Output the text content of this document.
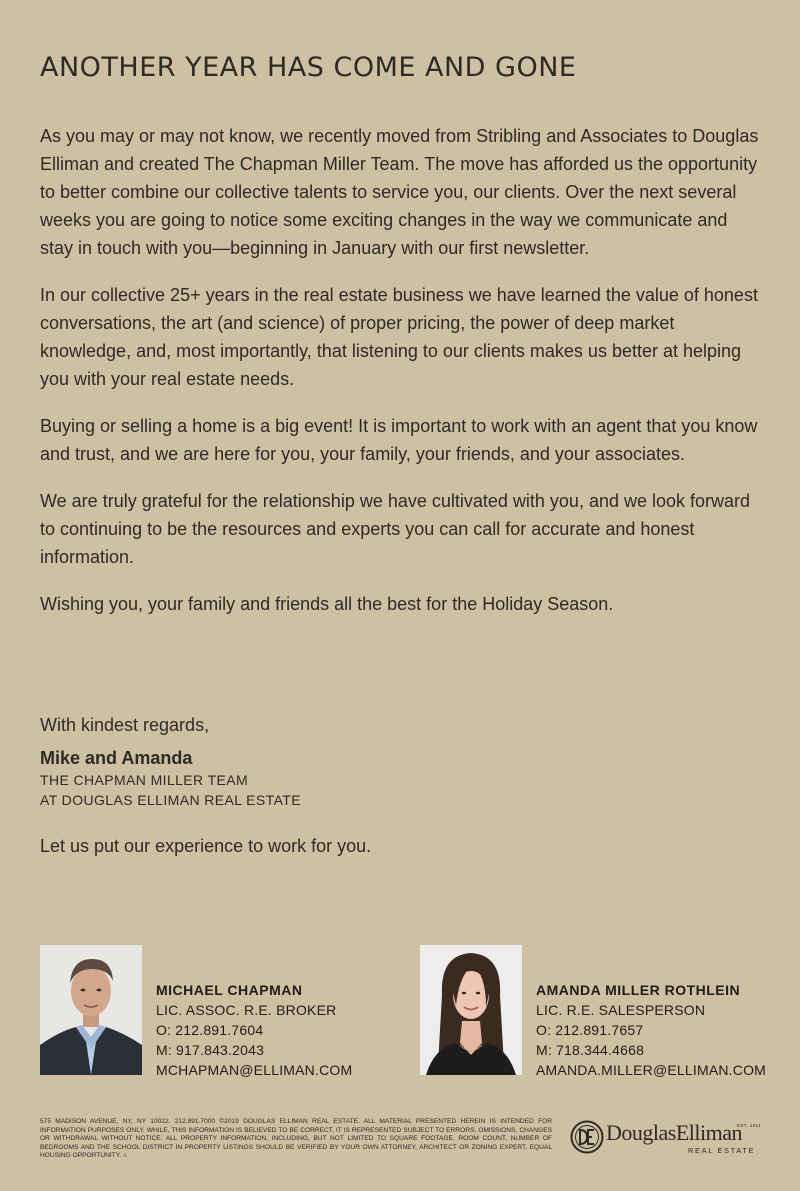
ANOTHER YEAR HAS COME AND GONE

As you may or may not know, we recently moved from Stribling and Associates to Douglas Elliman and created The Chapman Miller Team. The move has afforded us the opportunity to better combine our collective talents to service you, our clients. Over the next several weeks you are going to notice some exciting changes in the way we communicate and stay in touch with you—beginning in January with our first newsletter.

In our collective 25+ years in the real estate business we have learned the value of honest conversations, the art (and science) of proper pricing, the power of deep market knowledge, and, most importantly, that listening to our clients makes us better at helping you with your real estate needs.

Buying or selling a home is a big event! It is important to work with an agent that you know and trust, and we are here for you, your family, your friends, and your associates.

We are truly grateful for the relationship we have cultivated with you, and we look forward to continuing to be the resources and experts you can call for accurate and honest information.

Wishing you, your family and friends all the best for the Holiday Season.

With kindest regards,
Mike and Amanda
THE CHAPMAN MILLER TEAM
AT DOUGLAS ELLIMAN REAL ESTATE
Let us put our experience to work for you.
MICHAEL CHAPMAN
LIC. ASSOC. R.E. BROKER
O: 212.891.7604
M: 917.843.2043
MCHAPMAN@ELLIMAN.COM
AMANDA MILLER ROTHLEIN
LIC. R.E. SALESPERSON
O: 212.891.7657
M: 718.344.4668
AMANDA.MILLER@ELLIMAN.COM
575 MADISON AVENUE, NY, NY 10022. 212.891.7000 ©2019 DOUGLAS ELLIMAN REAL ESTATE. ALL MATERIAL PRESENTED HEREIN IS INTENDED FOR INFORMATION PURPOSES ONLY. WHILE, THIS INFORMATION IS BELIEVED TO BE CORRECT, IT IS REPRESENTED SUBJECT TO ERRORS, OMISSIONS, CHANGES OR WITHDRAWAL WITHOUT NOTICE. ALL PROPERTY INFORMATION, INCLUDING, BUT NOT LIMITED TO SQUARE FOOTAGE, ROOM COUNT, NUMBER OF BEDROOMS AND THE SCHOOL DISTRICT IN PROPERTY LISTINGS SHOULD BE VERIFIED BY YOUR OWN ATTORNEY, ARCHITECT OR ZONING EXPERT. EQUAL HOUSING OPPORTUNITY. ⌂
DouglasElliman
EST. 1911
REAL ESTATE
